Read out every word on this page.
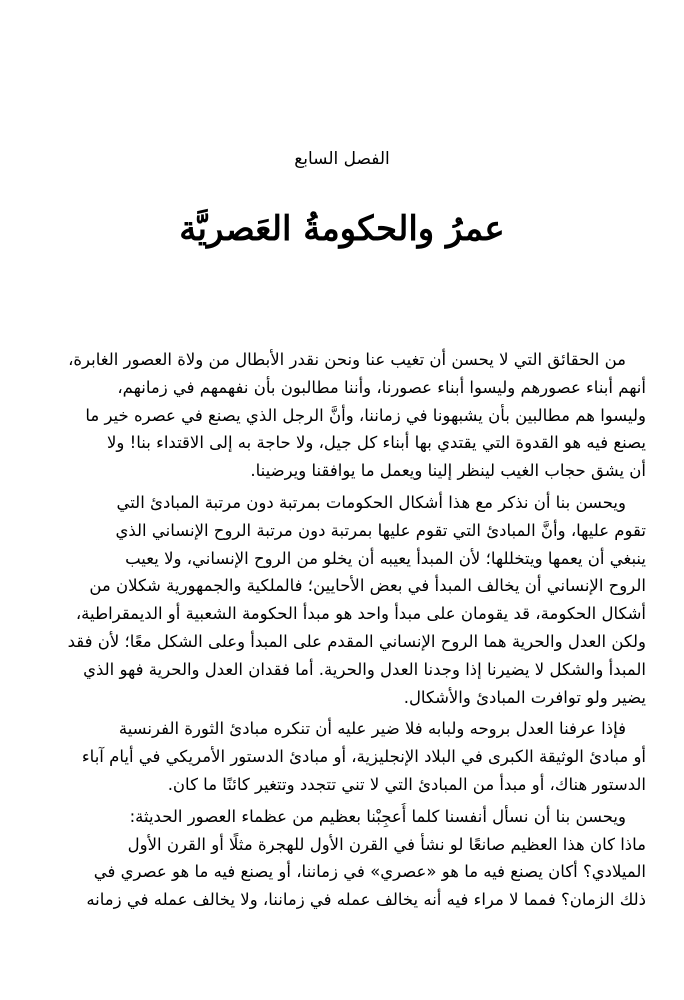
الفصل السابع
عمرُ والحكومةُ العَصريَّة
من الحقائق التي لا يحسن أن تغيب عنا ونحن نقدر الأبطال من ولاة العصور الغابرة،
أنهم أبناء عصورهم وليسوا أبناء عصورنا، وأننا مطالبون بأن نفهمهم في زمانهم،
وليسوا هم مطالبين بأن يشبهونا في زماننا، وأنَّ الرجل الذي يصنع في عصره خير ما
يصنع فيه هو القدوة التي يقتدي بها أبناء كل جيل، ولا حاجة به إلى الاقتداء بنا! ولا
أن يشق حجاب الغيب لينظر إلينا ويعمل ما يوافقنا ويرضينا.
ويحسن بنا أن نذكر مع هذا أشكال الحكومات بمرتبة دون مرتبة المبادئ التي
تقوم عليها، وأنَّ المبادئ التي تقوم عليها بمرتبة دون مرتبة الروح الإنساني الذي
ينبغي أن يعمها ويتخللها؛ لأن المبدأ يعيبه أن يخلو من الروح الإنساني، ولا يعيب
الروح الإنساني أن يخالف المبدأ في بعض الأحايين؛ فالملكية والجمهورية شكلان من
أشكال الحكومة، قد يقومان على مبدأ واحد هو مبدأ الحكومة الشعبية أو الديمقراطية،
ولكن العدل والحرية هما الروح الإنساني المقدم على المبدأ وعلى الشكل معًا؛ لأن فقد
المبدأ والشكل لا يضيرنا إذا وجدنا العدل والحرية. أما فقدان العدل والحرية فهو الذي
يضير ولو توافرت المبادئ والأشكال.
فإذا عرفنا العدل بروحه ولبابه فلا ضير عليه أن تنكره مبادئ الثورة الفرنسية
أو مبادئ الوثيقة الكبرى في البلاد الإنجليزية، أو مبادئ الدستور الأمريكي في أيام آباء
الدستور هناك، أو مبدأ من المبادئ التي لا تني تتجدد وتتغير كائنًا ما كان.
ويحسن بنا أن نسأل أنفسنا كلما أُعجِبْنا بعظيم من عظماء العصور الحديثة:
ماذا كان هذا العظيم صانعًا لو نشأ في القرن الأول للهجرة مثلًا أو القرن الأول
الميلادي؟ أكان يصنع فيه ما هو «عصري» في زماننا، أو يصنع فيه ما هو عصري في
ذلك الزمان؟ فمما لا مراء فيه أنه يخالف عمله في زماننا، ولا يخالف عمله في زمانه
